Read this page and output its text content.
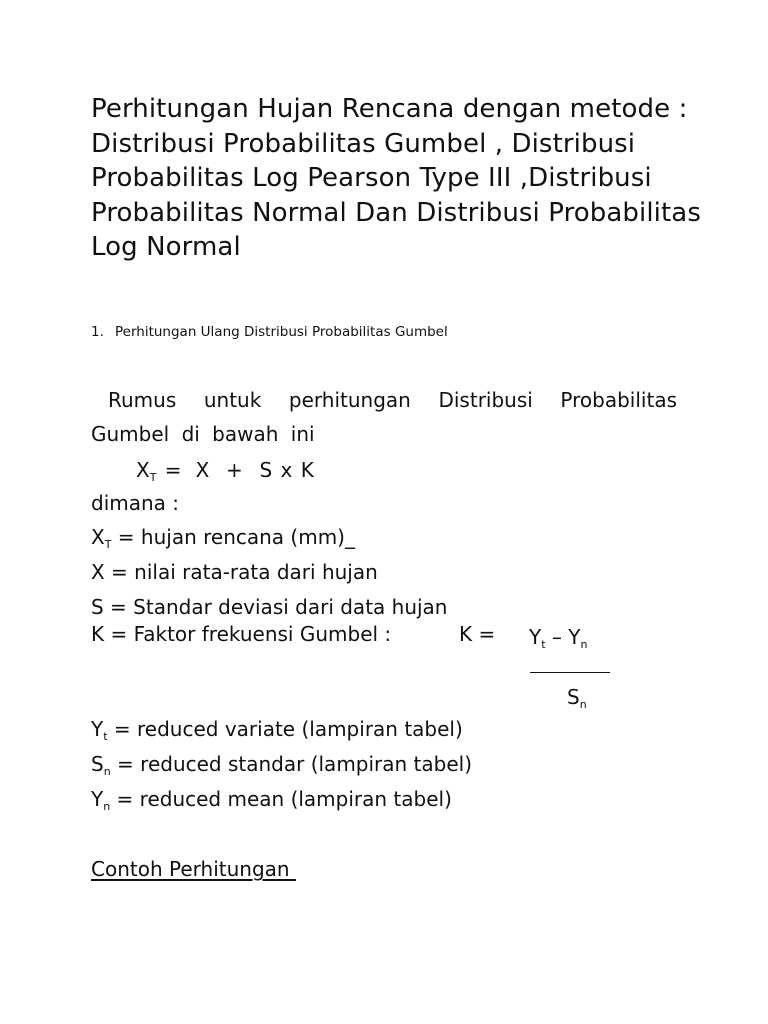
Perhitungan Hujan Rencana dengan metode : Distribusi Probabilitas Gumbel , Distribusi Probabilitas Log Pearson Type III ,Distribusi Probabilitas Normal Dan Distribusi Probabilitas Log Normal

1. Perhitungan Ulang Distribusi Probabilitas Gumbel

Rumus untuk perhitungan Distribusi Probabilitas Gumbel di bawah ini

$X_T = X + S$ x K

dimana :

$X_T$ = hujan rencana (mm)_

X = nilai rata-rata dari hujan

S = Standar deviasi dari data hujan

K = Faktor frekuensi Gumbel :	$K = Y_t - Y_n$

$S_n$

$Y_t$ = reduced variate (lampiran tabel)

$S_n$ = reduced standar (lampiran tabel)

$Y_n$ = reduced mean (lampiran tabel)

Contoh Perhitungan
